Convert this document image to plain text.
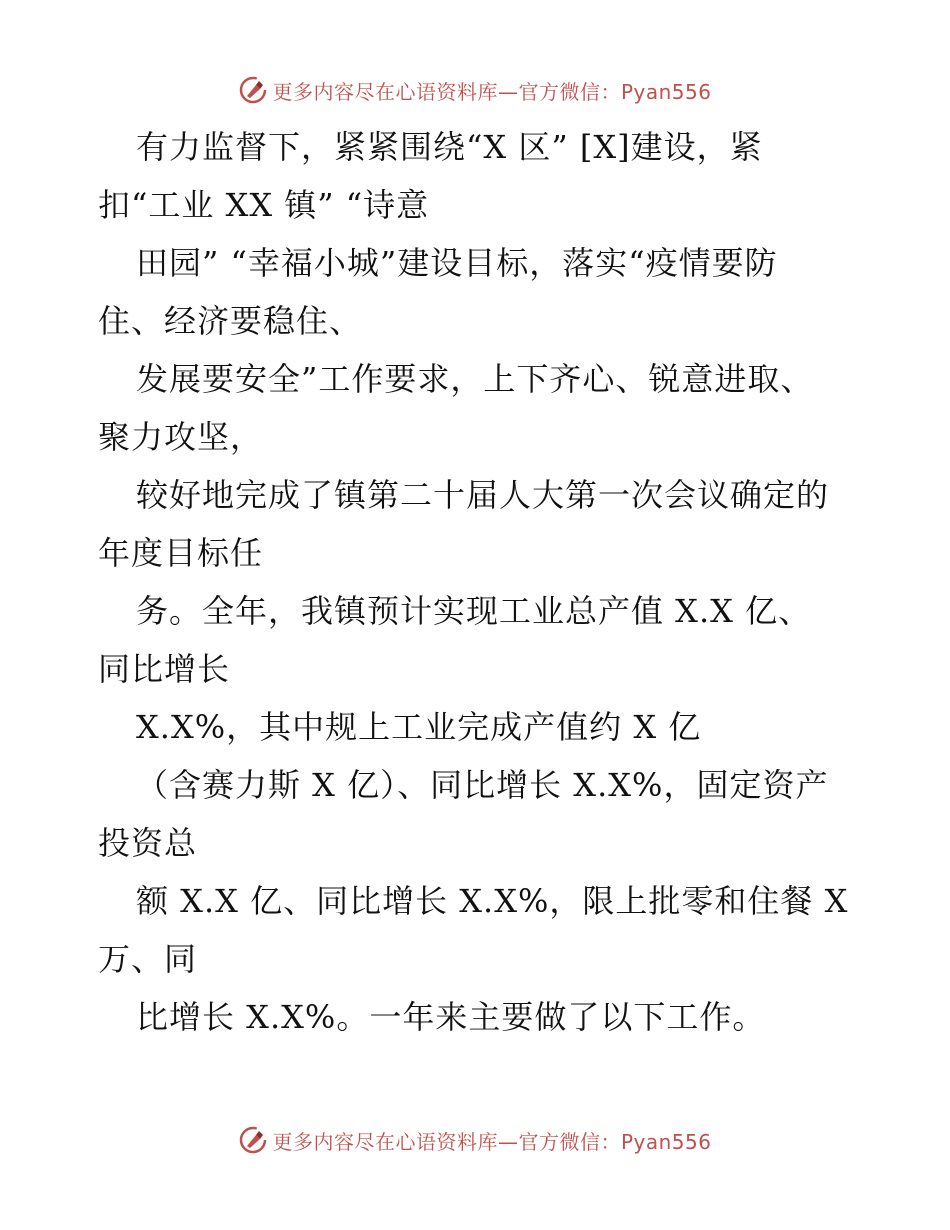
更多内容尽在心语资料库—官方微信：Pyan556
有力监督下，紧紧围绕“X 区” [X]建设，紧
扣“工业 XX 镇” “诗意
田园” “幸福小城”建设目标，落实“疫情要防
住、经济要稳住、
发展要安全”工作要求，上下齐心、锐意进取、
聚力攻坚，
较好地完成了镇第二十届人大第一次会议确定的
年度目标任
务。全年，我镇预计实现工业总产值 X.X 亿、
同比增长
X.X%，其中规上工业完成产值约 X 亿
（含赛力斯 X 亿）、同比增长 X.X%，固定资产
投资总
额 X.X 亿、同比增长 X.X%，限上批零和住餐 X
万、同
比增长 X.X%。一年来主要做了以下工作。
更多内容尽在心语资料库—官方微信：Pyan556
